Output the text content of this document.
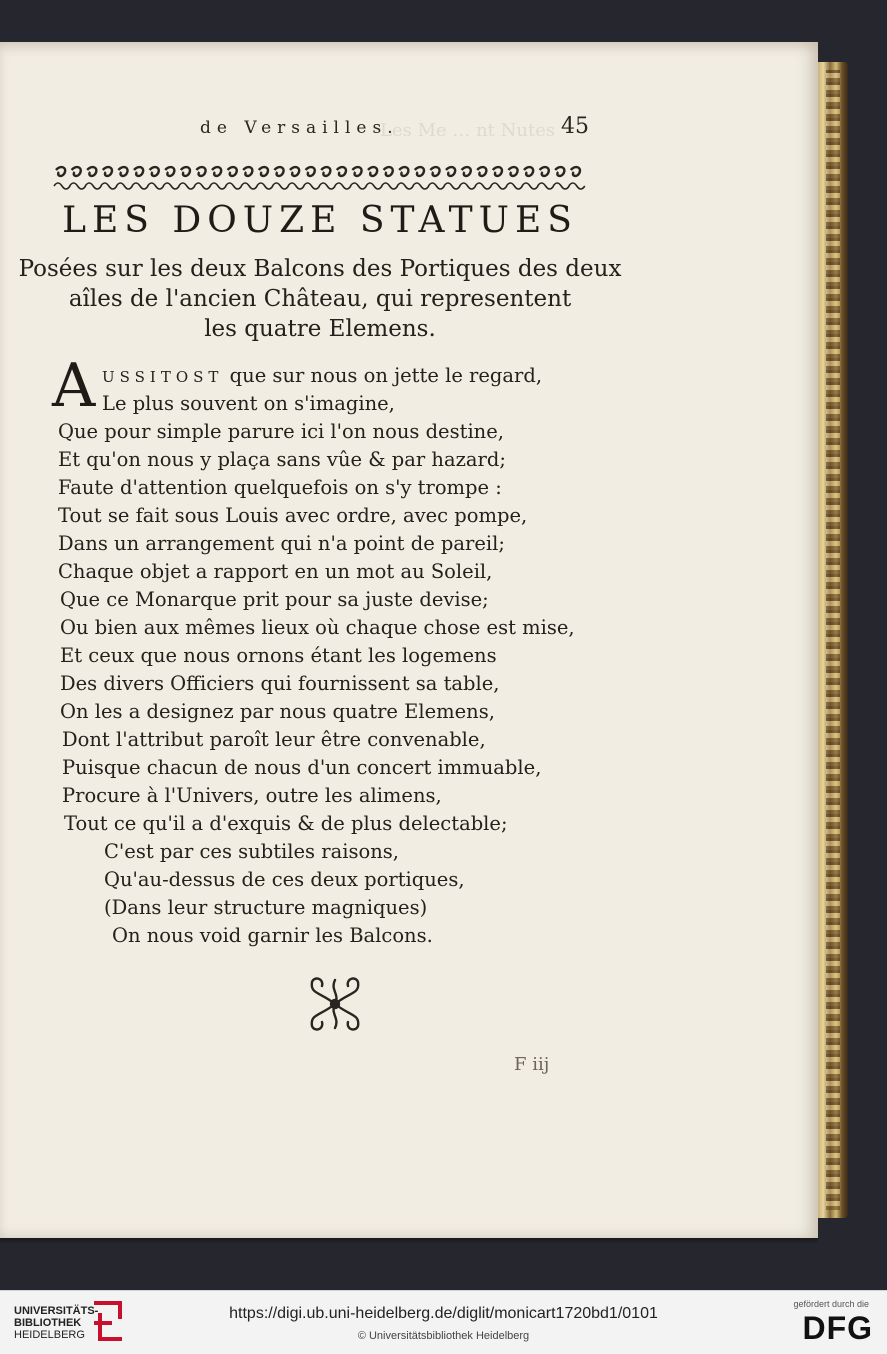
Les Me … nt Nutes
de Versailles.	45
LES DOUZE STATUES
Posées sur les deux Balcons des Portiques des deux
aîles de l'ancien Château, qui representent
les quatre Elemens.
A USSITOST que sur nous on jette le regard,
Le plus souvent on s'imagine,
Que pour simple parure ici l'on nous destine,
Et qu'on nous y plaça sans vûe & par hazard;
Faute d'attention quelquefois on s'y trompe :
Tout se fait sous Louis avec ordre, avec pompe,
Dans un arrangement qui n'a point de pareil;
Chaque objet a rapport en un mot au Soleil,
Que ce Monarque prit pour sa juste devise;
Ou bien aux mêmes lieux où chaque chose est mise,
Et ceux que nous ornons étant les logemens
Des divers Officiers qui fournissent sa table,
On les a designez par nous quatre Elemens,
Dont l'attribut paroît leur être convenable,
Puisque chacun de nous d'un concert immuable,
Procure à l'Univers, outre les alimens,
Tout ce qu'il a d'exquis & de plus delectable;
C'est par ces subtiles raisons,
Qu'au-dessus de ces deux portiques,
(Dans leur structure magniques)
On nous void garnir les Balcons.
F iij
UNIVERSITÄTS-
BIBLIOTHEK
HEIDELBERG
https://digi.ub.uni-heidelberg.de/diglit/monicart1720bd1/0101
© Universitätsbibliothek Heidelberg
gefördert durch die
DFG
